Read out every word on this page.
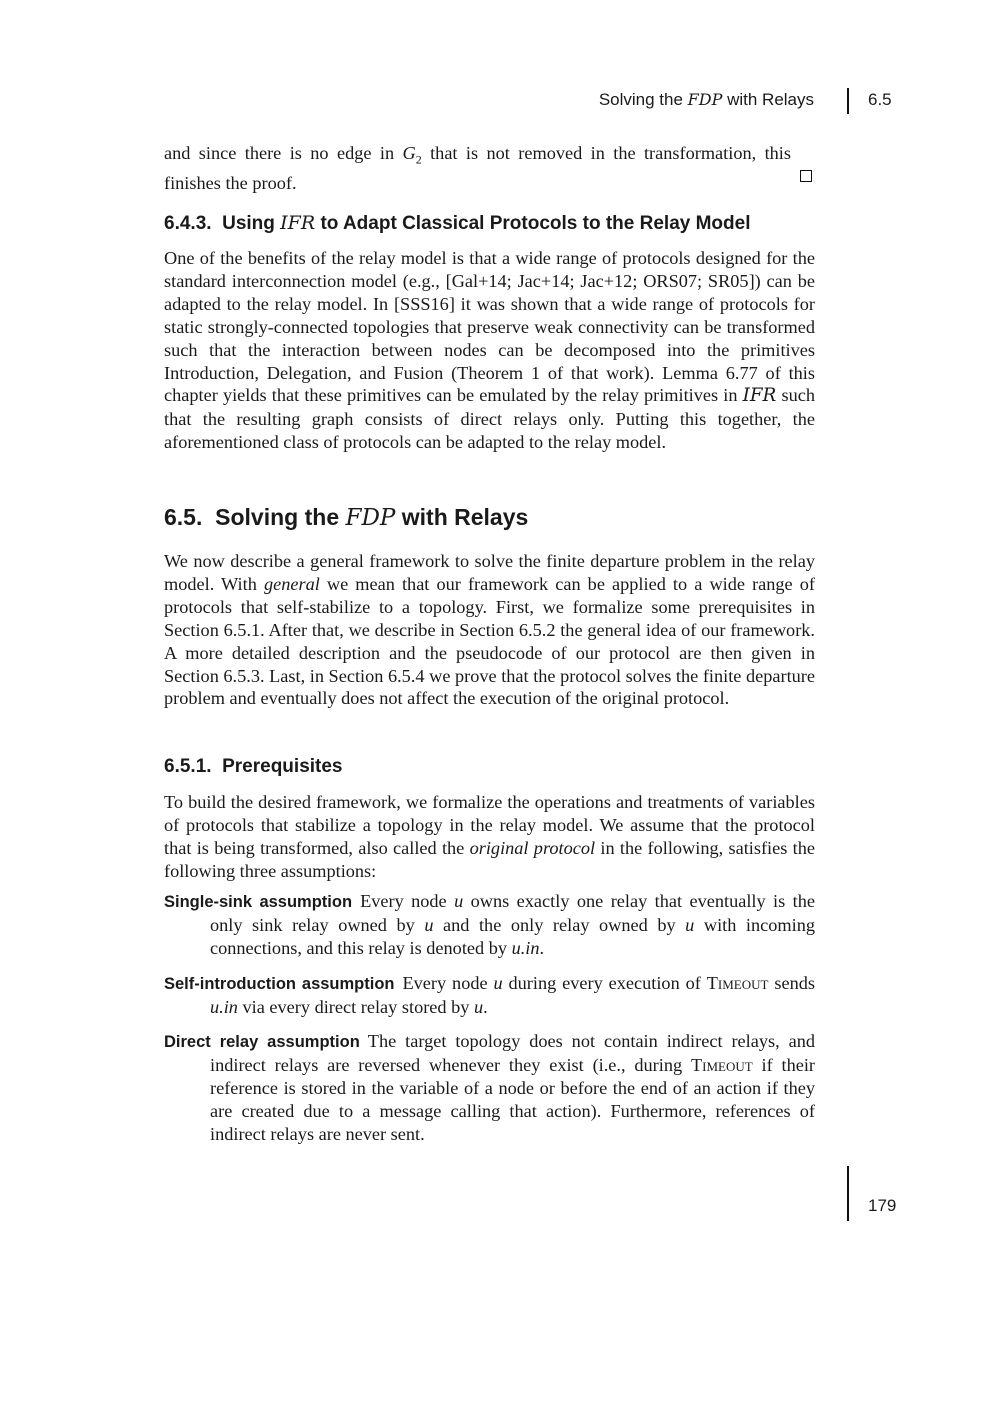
Solving the FDP with Relays	6.5

and since there is no edge in $G_2$ that is not removed in the transformation, this finishes the proof.

6.4.3. Using IFR to Adapt Classical Protocols to the Relay Model

One of the benefits of the relay model is that a wide range of protocols designed for the standard interconnection model (e.g., [Gal+14; Jac+14; Jac+12; ORS07; SR05]) can be adapted to the relay model. In [SSS16] it was shown that a wide range of protocols for static strongly-connected topologies that preserve weak connectivity can be transformed such that the interaction between nodes can be decomposed into the primitives Introduction, Delegation, and Fusion (Theorem 1 of that work). Lemma 6.77 of this chapter yields that these primitives can be emulated by the relay primitives in IFR such that the resulting graph consists of direct relays only. Putting this together, the aforementioned class of protocols can be adapted to the relay model.

6.5. Solving the FDP with Relays

We now describe a general framework to solve the finite departure problem in the relay model. With general we mean that our framework can be applied to a wide range of protocols that self-stabilize to a topology. First, we formalize some prerequisites in Section 6.5.1. After that, we describe in Section 6.5.2 the general idea of our framework. A more detailed description and the pseudocode of our protocol are then given in Section 6.5.3. Last, in Section 6.5.4 we prove that the protocol solves the finite departure problem and eventually does not affect the execution of the original protocol.

6.5.1. Prerequisites

To build the desired framework, we formalize the operations and treatments of variables of protocols that stabilize a topology in the relay model. We assume that the protocol that is being transformed, also called the original protocol in the following, satisfies the following three assumptions:

Single-sink assumption Every node u owns exactly one relay that eventually is the only sink relay owned by u and the only relay owned by u with incoming connections, and this relay is denoted by u.in.

Self-introduction assumption Every node u during every execution of Timeout sends u.in via every direct relay stored by u.

Direct relay assumption The target topology does not contain indirect relays, and indirect relays are reversed whenever they exist (i.e., during Timeout if their reference is stored in the variable of a node or before the end of an action if they are created due to a message calling that action). Furthermore, references of indirect relays are never sent.

179
